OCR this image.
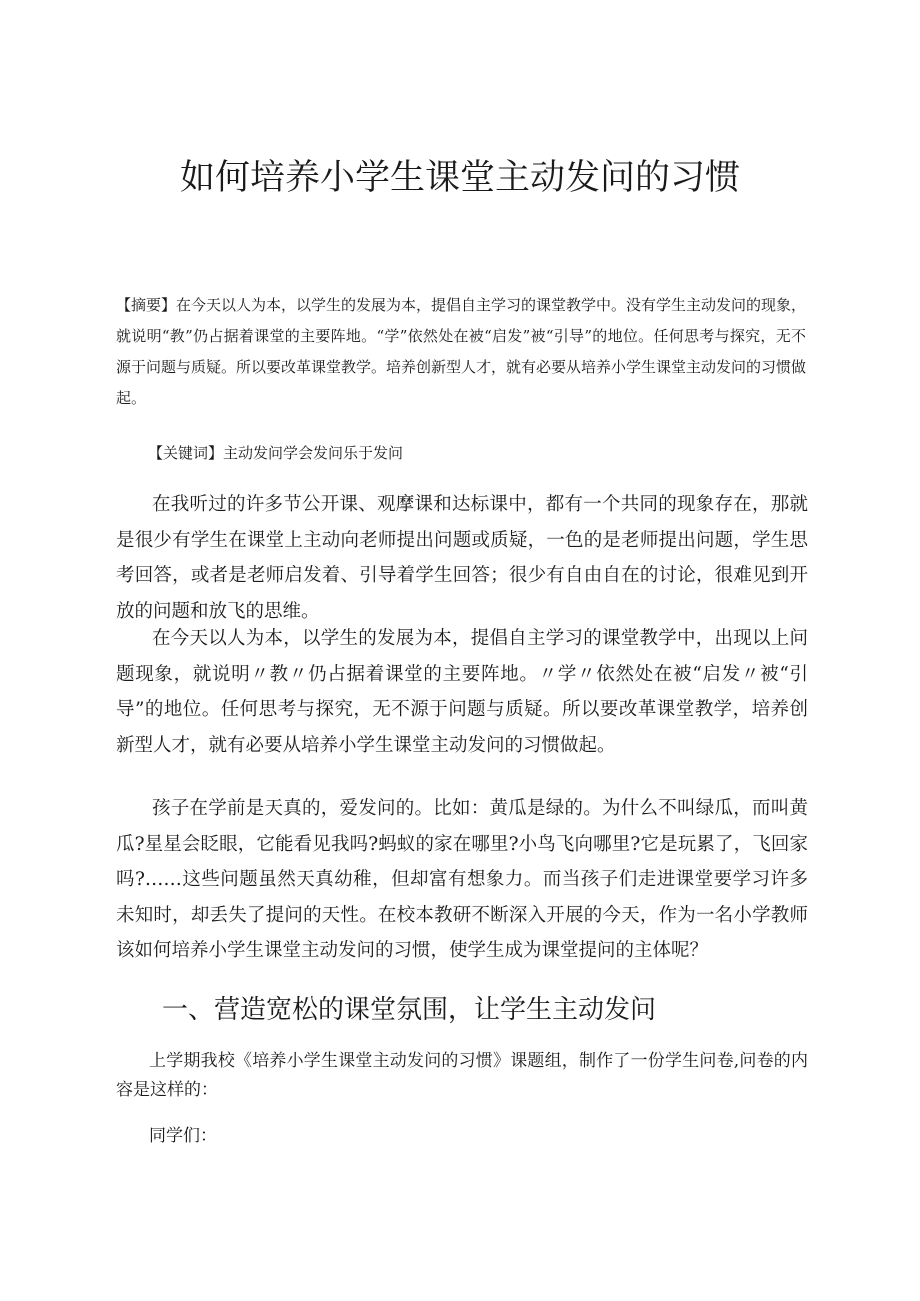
如何培养小学生课堂主动发问的习惯

【摘要】在今天以人为本，以学生的发展为本，提倡自主学习的课堂教学中。没有学生主动发问的现象，就说明“教”仍占据着课堂的主要阵地。“学”依然处在被“启发”被“引导”的地位。任何思考与探究，无不源于问题与质疑。所以要改革课堂教学。培养创新型人才，就有必要从培养小学生课堂主动发问的习惯做起。

【关键词】主动发问学会发问乐于发问

在我听过的许多节公开课、观摩课和达标课中，都有一个共同的现象存在，那就是很少有学生在课堂上主动向老师提出问题或质疑，一色的是老师提出问题，学生思考回答，或者是老师启发着、引导着学生回答；很少有自由自在的讨论，很难见到开放的问题和放飞的思维。

在今天以人为本，以学生的发展为本，提倡自主学习的课堂教学中，出现以上问题现象，就说明〃教〃仍占据着课堂的主要阵地。〃学〃依然处在被“启发〃被“引导”的地位。任何思考与探究，无不源于问题与质疑。所以要改革课堂教学，培养创新型人才，就有必要从培养小学生课堂主动发问的习惯做起。

孩子在学前是天真的，爱发问的。比如：黄瓜是绿的。为什么不叫绿瓜，而叫黄瓜?星星会眨眼，它能看见我吗?蚂蚁的家在哪里?小鸟飞向哪里?它是玩累了，飞回家吗?……这些问题虽然天真幼稚，但却富有想象力。而当孩子们走进课堂要学习许多未知时，却丢失了提问的天性。在校本教研不断深入开展的今天，作为一名小学教师该如何培养小学生课堂主动发问的习惯，使学生成为课堂提问的主体呢？

一、营造宽松的课堂氛围，让学生主动发问

上学期我校《培养小学生课堂主动发问的习惯》课题组，制作了一份学生问卷,问卷的内容是这样的：

同学们：
